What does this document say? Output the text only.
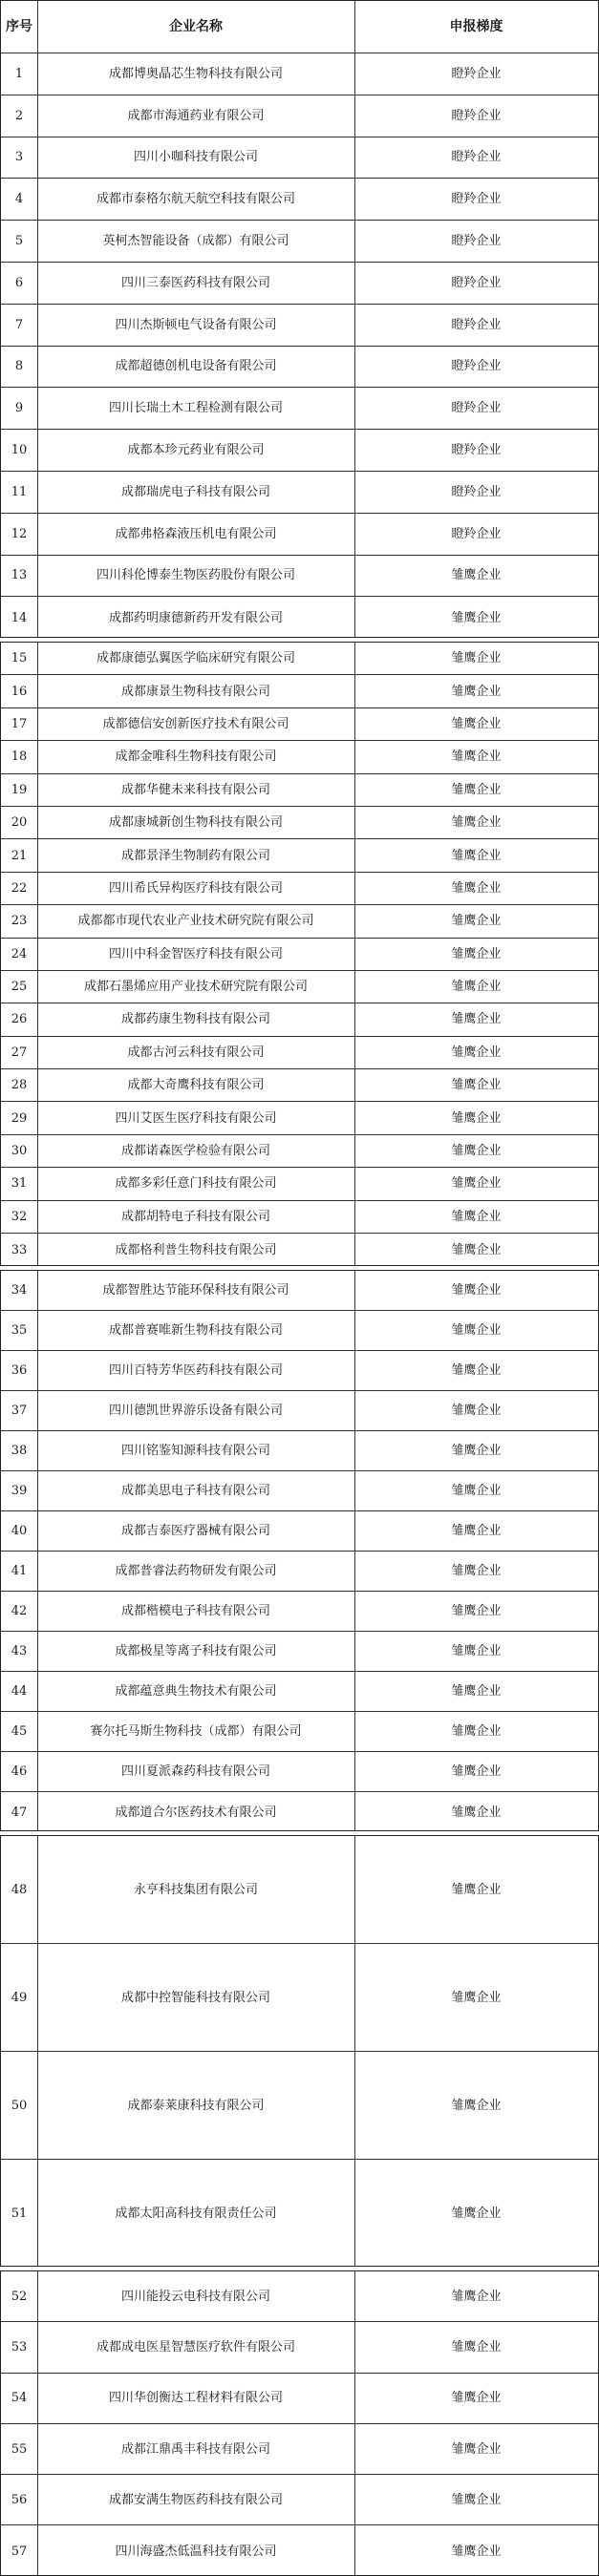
序号	企业名称	申报梯度
1	成都博奥晶芯生物科技有限公司	瞪羚企业
2	成都市海通药业有限公司	瞪羚企业
3	四川小咖科技有限公司	瞪羚企业
4	成都市泰格尔航天航空科技有限公司	瞪羚企业
5	英柯杰智能设备（成都）有限公司	瞪羚企业
6	四川三泰医药科技有限公司	瞪羚企业
7	四川杰斯顿电气设备有限公司	瞪羚企业
8	成都超德创机电设备有限公司	瞪羚企业
9	四川长瑞土木工程检测有限公司	瞪羚企业
10	成都本珍元药业有限公司	瞪羚企业
11	成都瑞虎电子科技有限公司	瞪羚企业
12	成都弗格森液压机电有限公司	瞪羚企业
13	四川科伦博泰生物医药股份有限公司	雏鹰企业
14	成都药明康德新药开发有限公司	雏鹰企业
15	成都康德弘翼医学临床研究有限公司	雏鹰企业
16	成都康景生物科技有限公司	雏鹰企业
17	成都德信安创新医疗技术有限公司	雏鹰企业
18	成都金唯科生物科技有限公司	雏鹰企业
19	成都华健未来科技有限公司	雏鹰企业
20	成都康城新创生物科技有限公司	雏鹰企业
21	成都景泽生物制药有限公司	雏鹰企业
22	四川希氏异构医疗科技有限公司	雏鹰企业
23	成都都市现代农业产业技术研究院有限公司	雏鹰企业
24	四川中科金智医疗科技有限公司	雏鹰企业
25	成都石墨烯应用产业技术研究院有限公司	雏鹰企业
26	成都药康生物科技有限公司	雏鹰企业
27	成都古河云科技有限公司	雏鹰企业
28	成都大奇鹰科技有限公司	雏鹰企业
29	四川艾医生医疗科技有限公司	雏鹰企业
30	成都诺森医学检验有限公司	雏鹰企业
31	成都多彩任意门科技有限公司	雏鹰企业
32	成都胡特电子科技有限公司	雏鹰企业
33	成都格利普生物科技有限公司	雏鹰企业
34	成都智胜达节能环保科技有限公司	雏鹰企业
35	成都普赛唯新生物科技有限公司	雏鹰企业
36	四川百特芳华医药科技有限公司	雏鹰企业
37	四川德凯世界游乐设备有限公司	雏鹰企业
38	四川铭鉴知源科技有限公司	雏鹰企业
39	成都美思电子科技有限公司	雏鹰企业
40	成都吉泰医疗器械有限公司	雏鹰企业
41	成都普睿法药物研发有限公司	雏鹰企业
42	成都楷模电子科技有限公司	雏鹰企业
43	成都极星等离子科技有限公司	雏鹰企业
44	成都蕴意典生物技术有限公司	雏鹰企业
45	赛尔托马斯生物科技（成都）有限公司	雏鹰企业
46	四川夏派森药科技有限公司	雏鹰企业
47	成都道合尔医药技术有限公司	雏鹰企业
48	永亨科技集团有限公司	雏鹰企业
49	成都中控智能科技有限公司	雏鹰企业
50	成都泰莱康科技有限公司	雏鹰企业
51	成都太阳高科技有限责任公司	雏鹰企业
52	四川能投云电科技有限公司	雏鹰企业
53	成都成电医星智慧医疗软件有限公司	雏鹰企业
54	四川华创衡达工程材料有限公司	雏鹰企业
55	成都江鼎禹丰科技有限公司	雏鹰企业
56	成都安满生物医药科技有限公司	雏鹰企业
57	四川海盛杰低温科技有限公司	雏鹰企业
